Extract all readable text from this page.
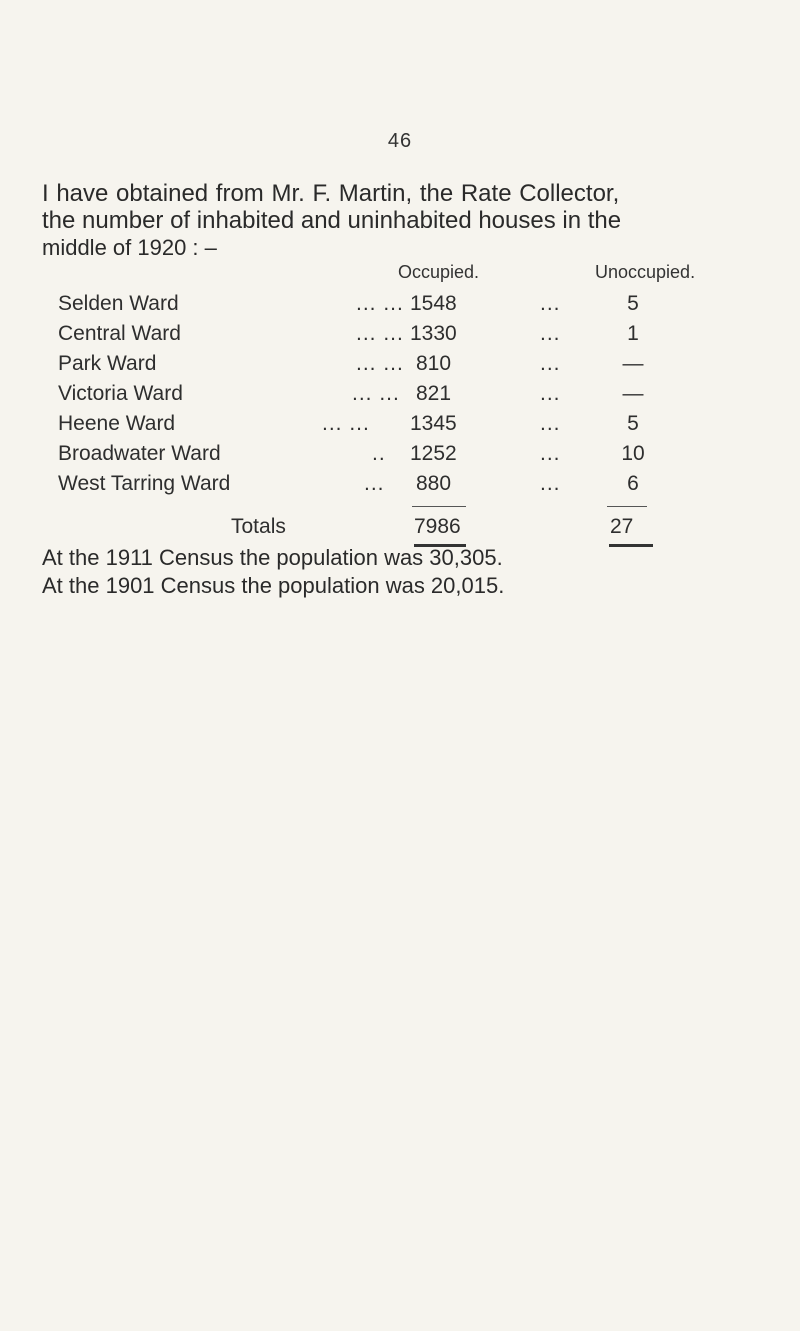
46
I have obtained from Mr. F. Martin, the Rate Collector,
the number of inhabited and uninhabited houses in the
middle of 1920 : –
Occupied.	Unoccupied.
Selden Ward	... ... 1548	...	5
Central Ward	... ... 1330	...	1
Park Ward	... ... 810	...	—
Victoria Ward	... ... 821	...	—
Heene Ward	... ... 1345	...	5
Broadwater Ward	.. 1252	...	10
West Tarring Ward	... 880	...	6
Totals	7986	27
At the 1911 Census the population was 30,305.
At the 1901 Census the population was 20,015.
